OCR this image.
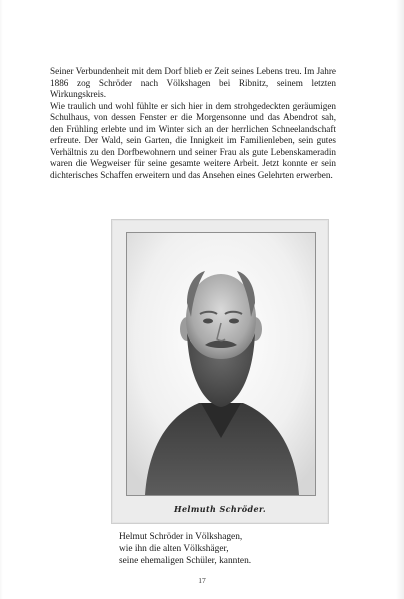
Seiner Verbundenheit mit dem Dorf blieb er Zeit seines Lebens treu. Im Jahre 1886 zog Schröder nach Völkshagen bei Ribnitz, seinem letzten Wirkungskreis.

Wie traulich und wohl fühlte er sich hier in dem strohgedeckten geräumigen Schulhaus, von dessen Fenster er die Morgensonne und das Abendrot sah, den Frühling erlebte und im Winter sich an der herrlichen Schneelandschaft erfreute. Der Wald, sein Garten, die Innigkeit im Familienleben, sein gutes Verhältnis zu den Dorfbewohnern und seiner Frau als gute Lebenskameradin waren die Wegweiser für seine gesamte weitere Arbeit. Jetzt konnte er sein dichterisches Schaffen erweitern und das Ansehen eines Gelehrten erwerben.

Helmuth Schröder.
Helmut Schröder in Völkshagen,
wie ihn die alten Völkshäger,
seine ehemaligen Schüler, kannten.
17
